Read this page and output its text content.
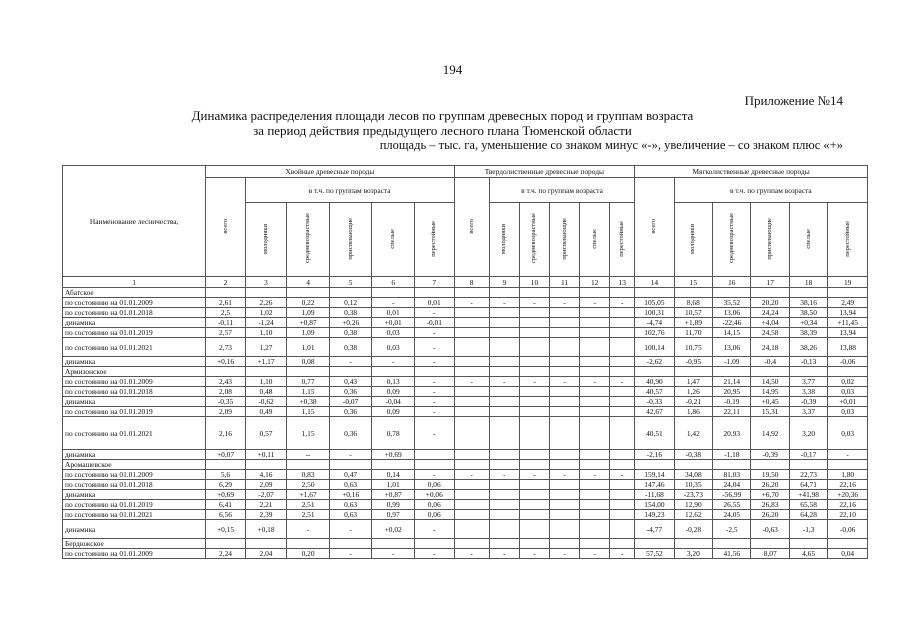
194
Приложение №14
Динамика распределения площади лесов по группам древесных пород и группам возраста
за период действия предыдущего лесного плана Тюменской области
площадь – тыс. га, уменьшение со знаком минус «-», увеличение – со знаком плюс «+»
Наименование лесничества,	Хвойные древесные породы						Твердолиственные древесные породы						Мягколиственные древесные породы					
	всего	в т.ч. по группам возраста					всего	в т.ч. по группам возраста					всего	в т.ч. по группам возраста				
		молодняки	средневозрастные	приспевающие	спелые	перестойные		молодняки	средневозрастные	приспевающие	спелые	перестойные		молодняки	средневозрастные	приспевающие	спелые	перестойные
1	2	3	4	5	6	7	8	9	10	11	12	13	14	15	16	17	18	19
Абатское																		
по состоянию на 01.01.2009	2,61	2,26	0,22	0,12	-	0,01	-	-	-	-	-	-	105,05	8,68	35,52	20,20	38,16	2,49
по состоянию на 01.01.2018	2,5	1,02	1,09	0,38	0,01	-							100,31	10,57	13,06	24,24	38,50	13,94
динамика	-0,11	-1,24	+0,87	+0,26	+0,01	-0,01							-4,74	+1,89	-22,46	+4,04	+0,34	+11,45
по состоянию на 01.01.2019	2,57	1,10	1,09	0,38	0,03	-							102,76	11,70	14,15	24,58	38,39	13,94
по состоянию на 01.01.2021	2,73	1,27	1,01	0,38	0,03	-							100,14	10,75	13,06	24,18	38,26	13,88
динамика	+0,16	+1,17	0,08	-	-	-							-2,62	-0,95	-1,09	-0,4	-0,13	-0,06
Армизонское																		
по состоянию на 01.01.2009	2,43	1,10	0,77	0,43	0,13	-	-	-	-	-	-	-	40,90	1,47	21,14	14,50	3,77	0,02
по состоянию на 01.01.2018	2,08	0,48	1,15	0,36	0,09	-							40,57	1,26	20,95	14,95	3,38	0,03
динамика	-0,35	-0,62	+0,38	-0,07	-0,04	-							-0,33	-0,21	-0,19	+0,45	-0,39	+0,01
по состоянию на 01.01.2019	2,09	0,49	1,15	0,36	0,09	-							42,67	1,86	22,11	15,31	3,37	0,03
по состоянию на 01.01.2021	2,16	0,57	1,15	0,36	0,78	-							40,51	1,42	20,93	14,92	3,20	0,03
динамика	+0,07	+0,11	--	-	+0,69								-2,16	-0,38	-1,18	-0,39	-0,17	-
Аромашевское																		
по состоянию на 01.01.2009	5,6	4,16	0,83	0,47	0,14	-	-	-	-	-	-	-	159,14	34,08	81,03	19,50	22,73	1,80
по состоянию на 01.01.2018	6,29	2,09	2,50	0,63	1,01	0,06							147,46	10,35	24,04	26,20	64,71	22,16
динамика	+0,69	-2,07	+1,67	+0,16	+0,87	+0,06							-11,68	-23,73	-56,99	+6,70	+41,98	+20,36
по состоянию на 01.01.2019	6,41	2,21	2,51	0,63	0,99	0,06							154,00	12,90	26,55	26,83	65,58	22,16
по состоянию на 01.01.2021	6,56	2,39	2,51	0,63	0,97	0,06							149,23	12,62	24,05	26,20	64,28	22,10
динамика	+0,15	+0,18	-	-	+0,02	-							-4,77	-0,28	-2,5	-0,63	-1,3	-0,06
Бердюжское																		
по состоянию на 01.01.2009	2,24	2,04	0,20	-	-	-	-	-	-	-	-	-	57,52	3,20	41,56	8,07	4,65	0,04
